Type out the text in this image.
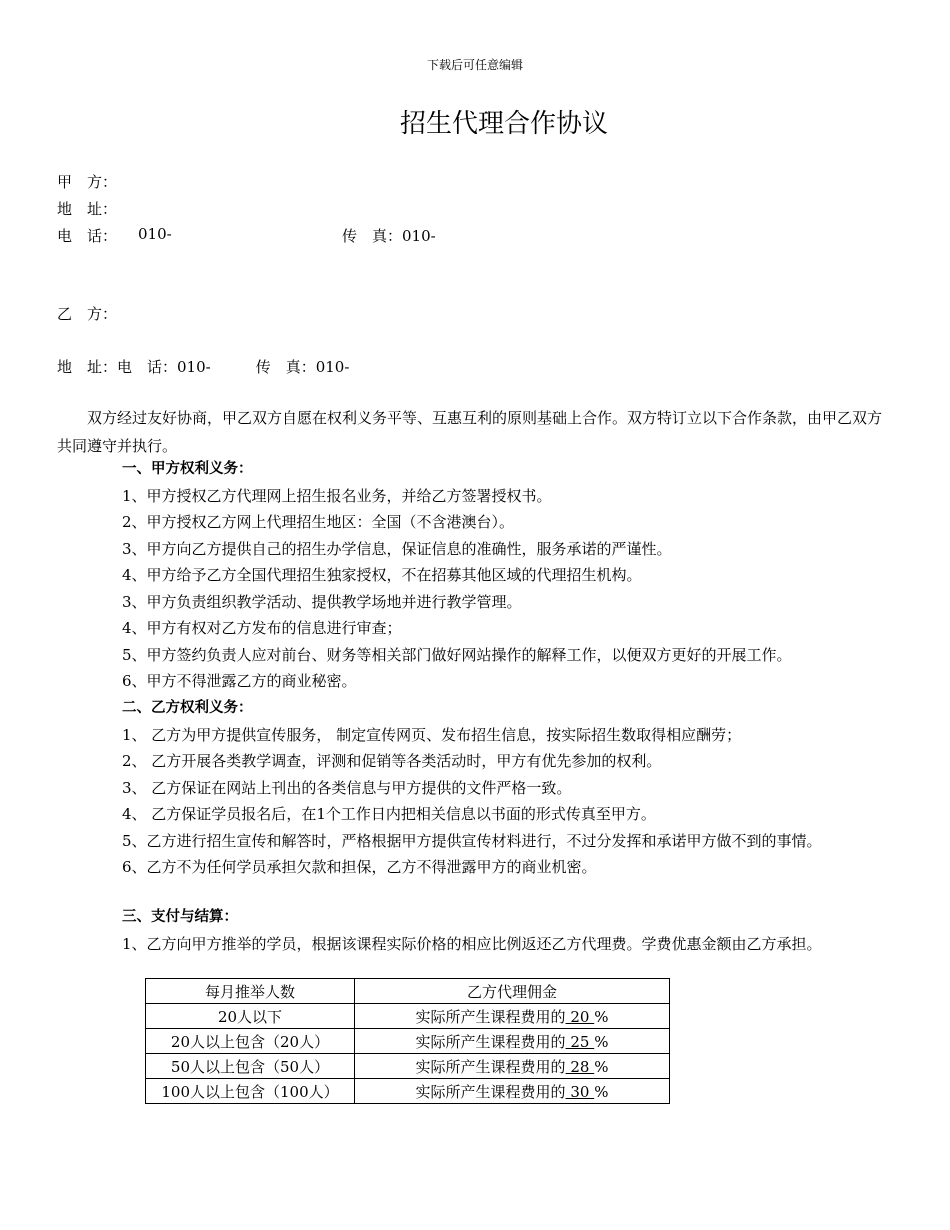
下载后可任意编辑
招生代理合作协议
甲　方：
地　址：
电　话： 010-	传　真：010-
乙　方：
地　址：电　话：010-　　　传　真：010-
双方经过友好协商，甲乙双方自愿在权利义务平等、互惠互利的原则基础上合作。双方特订立以下合作条款，由甲乙双方共同遵守并执行。
一、甲方权利义务：
1、甲方授权乙方代理网上招生报名业务，并给乙方签署授权书。
2、甲方授权乙方网上代理招生地区：全国（不含港澳台）。
3、甲方向乙方提供自己的招生办学信息，保证信息的准确性，服务承诺的严谨性。
4、甲方给予乙方全国代理招生独家授权，不在招募其他区域的代理招生机构。
3、甲方负责组织教学活动、提供教学场地并进行教学管理。
4、甲方有权对乙方发布的信息进行审查；
5、甲方签约负责人应对前台、财务等相关部门做好网站操作的解释工作，以便双方更好的开展工作。
6、甲方不得泄露乙方的商业秘密。
二、乙方权利义务：
1、 乙方为甲方提供宣传服务， 制定宣传网页、发布招生信息，按实际招生数取得相应酬劳；
2、 乙方开展各类教学调查，评测和促销等各类活动时，甲方有优先参加的权利。
3、 乙方保证在网站上刊出的各类信息与甲方提供的文件严格一致。
4、 乙方保证学员报名后，在1个工作日内把相关信息以书面的形式传真至甲方。
5、乙方进行招生宣传和解答时，严格根据甲方提供宣传材料进行，不过分发挥和承诺甲方做不到的事情。
6、乙方不为任何学员承担欠款和担保，乙方不得泄露甲方的商业机密。
三、支付与结算：
1、乙方向甲方推举的学员，根据该课程实际价格的相应比例返还乙方代理费。学费优惠金额由乙方承担。
每月推举人数	乙方代理佣金
20人以下	实际所产生课程费用的 20 %
20人以上包含（20人）	实际所产生课程费用的 25 %
50人以上包含（50人）	实际所产生课程费用的 28 %
100人以上包含（100人）	实际所产生课程费用的 30 %
